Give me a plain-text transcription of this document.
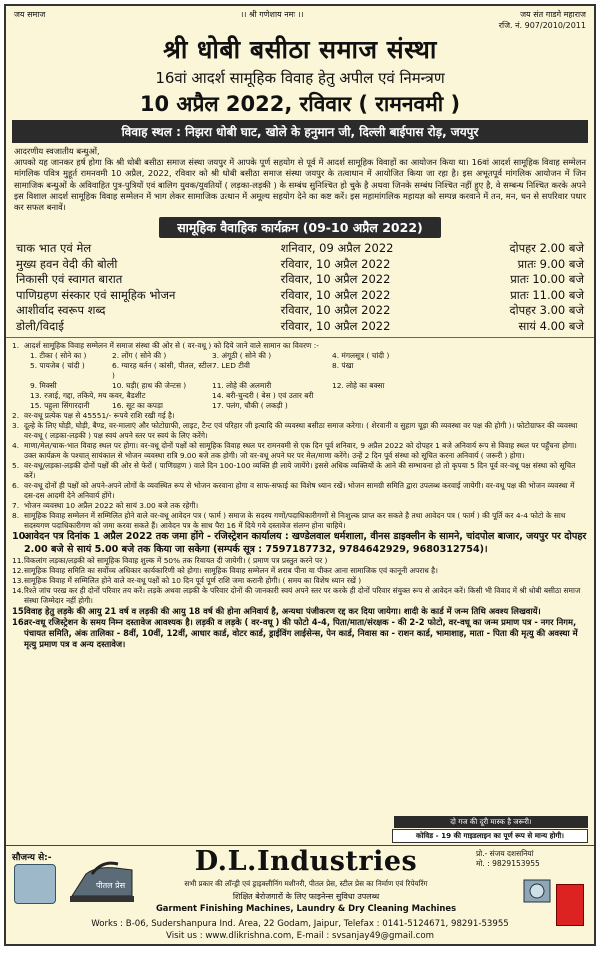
जय समाज	।। श्री गणेशाय नमः ।।	जय संत गाडगे महाराज
रजि. नं. 907/2010/2011
श्री धोबी बसीठा समाज संस्था
16वां आदर्श सामूहिक विवाह हेतु अपील एवं निमन्त्रण
10 अप्रैल 2022, रविवार ( रामनवमी )
विवाह स्थल : निझरा धोबी घाट, खोले के हनुमान जी, दिल्ली बाईपास रोड़, जयपुर

आदरणीय स्वजातीय बन्धुओं,

आपको यह जानकर हर्ष होगा कि श्री धोबी बसीठा समाज संस्था जयपुर में आपके पूर्ण सहयोग से पूर्व में आदर्श सामूहिक विवाहों का आयोजन किया था। 16वां आदर्श सामूहिक विवाह सम्मेलन मांगलिक पवित्र मुहूर्त रामनवमी 10 अप्रैल, 2022, रविवार को श्री धोबी बसीठा समाज संस्था जयपुर के तत्वाधान में आयोजित किया जा रहा है। इस अभूतपूर्व मांगलिक आयोजन में जिन सामाजिक बन्धुओं के अविवाहित पुत्र-पुत्रियों एवं बालिग युवक/युवतियों ( लड़का-लड़की ) के सम्बंध सुनिश्चित हो चुके है अथवा जिनके सम्बंध निश्चित नहीं हुए है, वे सम्बन्ध निश्चित करके अपने इस विशाल आदर्श सामूहिक विवाह सम्मेलन में भाग लेकर सामाजिक उत्थान में अमूल्य सहयोग देने का कष्ट करें। इस महामांगलिक महायज्ञ को सम्पन्न करवाने में तन, मन, धन से सपरिवार पधार कर सफल बनावें।

सामूहिक वैवाहिक कार्यक्रम (09-10 अप्रैल 2022)
चाक भात एवं मेल	शनिवार, 09 अप्रैल 2022	दोपहर 2.00 बजे
मुख्य हवन वेदी की बोली	रविवार, 10 अप्रैल 2022	प्रातः 9.00 बजे
निकासी एवं स्वागत बारात	रविवार, 10 अप्रैल 2022	प्रातः 10.00 बजे
पाणिग्रहण संस्कार एवं सामूहिक भोजन	रविवार, 10 अप्रैल 2022	प्रातः 11.00 बजे
आशीर्वाद स्वरूप शब्द	रविवार, 10 अप्रैल 2022	दोपहर 3.00 बजे
डोली/विदाई	रविवार, 10 अप्रैल 2022	सायं 4.00 बजे
1. आदर्श सामूहिक विवाह सम्मेलन में समाज संस्था की ओर से ( वर-वधू ) को दिये जाने वाले सामान का विवरण :-
1. टीका ( सोने का )	2. लोंग ( सोने की )	3. अंगूठी ( सोने की )	4. मंगलसूत्र ( चांदी )
5. पायजेब ( चांदी )	6. ग्यारह बर्तन ( कांसी, पीतल, स्टील )
7. LED टीवी	8. पंखा
9. मिक्सी	10. घड़ी( हाथ की जेन्टस )	11. लोहे की अलमारी	12. लोहे का बक्सा
13. रजाई, गद्दा, तकिये, मय कवर, बैडशीट	14. बरी-चुन्दरी ( बेस ) एवं उतार बरी
15. पहुला सिंगारदानी	16. सूट का कपड़ा	17. पलंग, चौकी ( लकड़ी )
2. वर-वधू प्रत्येक पक्ष से 45551/- रूपये राशि रखी गई है।
3. दूल्हे के लिए घोड़ी, घोड़ी, बैण्ड, वर-मालाएं और फोटोग्राफी, लाइट, टैन्ट एवं परिहार जी इत्यादि की व्यवस्था बसीठा समाज करेगा। ( शेरवानी व सुहाग चूड़ा की व्यवस्था वर पक्ष की होगी )। फोटोग्राफर की व्यवस्था वर-वधू ( लड़का-लड़की ) पक्ष स्वयं अपने स्तर पर स्वयं के लिए करेंगे।
4. माणा/मेल/चाक-भात विवाह स्थल पर होगा। वर-वधू दोनों पक्षों को सामूहिक विवाह स्थल पर रामनवमी से एक दिन पूर्व शनिवार, 9 अप्रैल 2022 को दोपहर 1 बजे अनिवार्य रूप से विवाह स्थल पर पहुँचना होगा। उक्त कार्यक्रम के पश्चात् सायंकाल से भोजन व्यवस्था रात्रि 9.00 बजे तक होगी। जो वर-वधू अपने घर पर मेल/माणा करेंगे। उन्हें 2 दिन पूर्व संस्था को सूचित करना अनिवार्य ( जरूरी ) होगा।
5. वर-वधू/लड़का-लड़की दोनों पक्षों की ओर से फेरों ( पाणिग्रहण ) वाले दिन 100-100 व्यक्ति ही लाये जायेंगे। इससे अधिक व्यक्तियों के आने की सम्भावना हो तो कृपया 5 दिन पूर्व वर-वधू पक्ष संस्था को सूचित करें।
6. वर-वधू दोनों ही पक्षों को अपने-अपने लोगों के व्यवस्थित रूप से भोजन करवाना होगा व साफ-सफाई का विशेष ध्यान रखें। भोजन सामग्री समिति द्वारा उपलब्ध करवाई जायेगी। वर-वधू पक्ष की भोजन व्यवस्था में दस-दस आदमी देने अनिवार्य होंगे।
7. भोजन व्यवस्था 10 अप्रैल 2022 को सायं 3.00 बजे तक रहेगी।
8. सामूहिक विवाह सम्मेलन में सम्मिलित होने वाले वर-वधू आवेदन पत्र ( फार्म ) समाज के सदस्य गणों/पदाधिकारीगणों से निःशुल्क प्राप्त कर सकते है तथा आवेदन पत्र ( फार्म ) की पूर्ति कर 4-4 फोटो के साथ सदस्यगण पदाधिकारीगण को जमा करवा सकते हैं। आवेदन पत्र के साथ पैरा 16 में दिये गये दस्तावेज संलग्न होना चाहिये।
10.
आवेदन पत्र दिनांक 1 अप्रैल 2022 तक जमा होंगे - रजिस्ट्रेशन कार्यालय : खण्डेलवाल धर्मशाला, वीनस डाइक्लीन के सामने, चांदपोल बाजार, जयपुर पर दोपहर 2.00 बजे से सायं 5.00 बजे तक किया जा सकेगा (सम्पर्क सूत्र : 7597187732, 9784642929, 9680312754)।
11. विकलांग लड़का/लड़की को सामूहिक विवाह शुल्क में 50% तक रियायत दी जायेगी। ( प्रमाण पत्र प्रस्तुत करने पर )
12. सामूहिक विवाह समिति का सर्वोच्च अधिकार कार्यकारिणी को होगा। सामूहिक विवाह सम्मेलन में शराब पीना या पीकर आना सामाजिक एवं कानूनी अपराध है।
13. सामूहिक विवाह में सम्मिलित होने वाले वर-वधू पक्षों को 10 दिन पूर्व पूर्ण राशि जमा करानी होगी। ( समय का विशेष ध्यान रखें )
14. रिश्ते जांच परख कर ही दोनों परिवार तय करें। लड़के अथवा लड़की के परिवार दोनों की जानकारी स्वयं अपने स्तर पर करके ही दोनों परिवार संयुक्त रूप से आवेदन करें। किसी भी विवाद में श्री धोबी बसीठा समाज संस्था जिम्मेदार नहीं होगी।
15.
विवाह हेतु लड़के की आयु 21 वर्ष व लड़की की आयु 18 वर्ष की होना अनिवार्य है, अन्यथा पंजीकरण रद्द कर दिया जायेगा। शादी के कार्ड में जन्म तिथि अवश्य लिखवायें।
16.
वर-वधू रजिस्ट्रेशन के समय निम्न दस्तावेज आवश्यक है। लड़की व लड़के ( वर-वधू ) की फोटो 4-4, पिता/माता/संरक्षक - की 2-2 फोटो, वर-वधू का जन्म प्रमाण पत्र - नगर निगम, पंचायत समिति, अंक तालिका - 8वीं, 10वीं, 12वीं, आधार कार्ड, वोटर कार्ड, ड्राईविंग लाईसेन्स, पेन कार्ड, निवास का - राशन कार्ड, भामाशाह, माता - पिता की मृत्यु की अवस्था में मृत्यु प्रमाण पत्र व अन्य दस्तावेज।
दो गज की दूरी मास्क है जरूरी।
कोविड - 19 की गाइडलाइन का पूर्ण रूप से मान्य होगी।
सौजन्य से:-
पीतल प्रेस
D.L.Industries
सभी प्रकार की लॉन्ड्री एवं ड्राइक्लीनिंग मशीनरी, पीतल प्रेस, स्टील प्रेस का निर्माण एवं रिपेयरिंग
शिक्षित बेरोजगारों के लिए फाइनेन्स सुविधा उपलब्ध
Garment Finishing Machines, Laundry & Dry Cleaning Machines
प्रो.- संजय दशसनियां
मो. : 9829153955
Works : B-06, Sudershanpura Ind. Area, 22 Godam, Jaipur, Telefax : 0141-5124671, 98291-53955
Visit us : www.dlikrishna.com, E-mail : svsanjay49@gmail.com
